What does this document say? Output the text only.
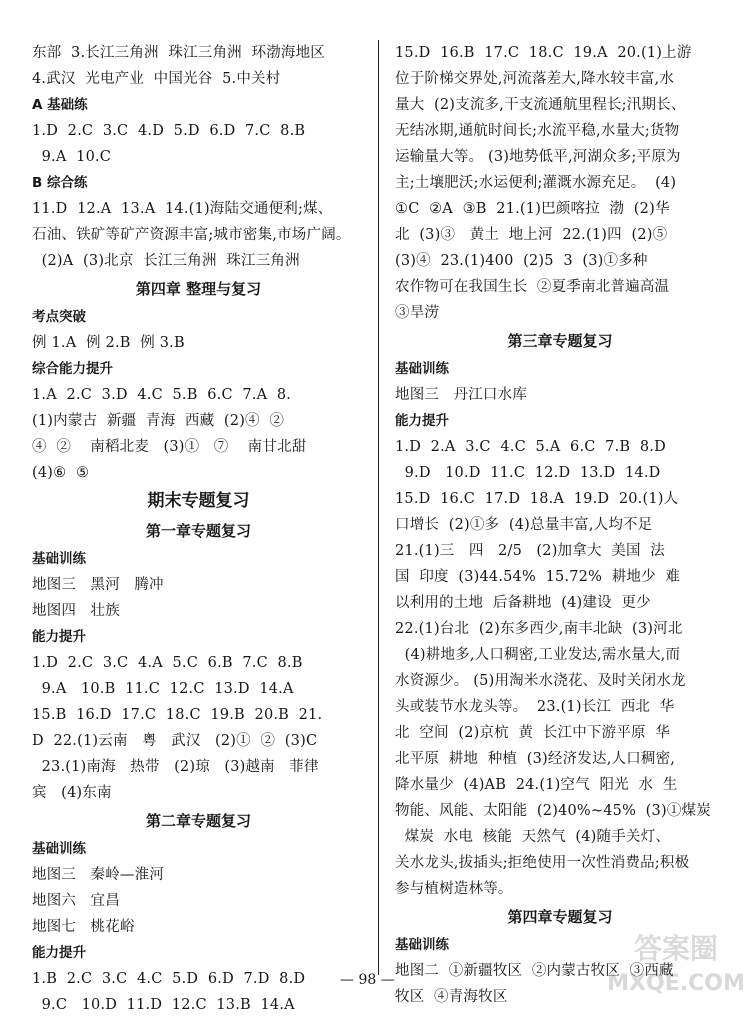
东部  3.长江三角洲  珠江三角洲  环渤海地区
4.武汉  光电产业  中国光谷  5.中关村
A 基础练
1.D  2.C  3.C  4.D  5.D  6.D  7.C  8.B
9.A  10.C
B 综合练
11.D  12.A  13.A  14.(1)海陆交通便利;煤、
石油、铁矿等矿产资源丰富;城市密集,市场广阔。
(2)A  (3)北京  长江三角洲  珠江三角洲
第四章 整理与复习
考点突破
例 1.A  例 2.B  例 3.B
综合能力提升
1.A  2.C  3.D  4.C  5.B  6.C  7.A  8.
(1)内蒙古  新疆  青海  西藏  (2)④  ②
④  ②    南稻北麦   (3)①   ⑦    南甘北甜
(4)⑥  ⑤
期末专题复习
第一章专题复习
基础训练
地图三   黑河   腾冲
地图四   壮族
能力提升
1.D  2.C  3.C  4.A  5.C  6.B  7.C  8.B
9.A   10.B  11.C  12.C  13.D  14.A
15.B  16.D  17.C  18.C  19.B  20.B  21.
D  22.(1)云南   粤   武汉   (2)①  ②  (3)C
23.(1)南海   热带   (2)琼   (3)越南   菲律
宾   (4)东南
第二章专题复习
基础训练
地图三   秦岭—淮河
地图六   宜昌
地图七   桃花峪
能力提升
1.B  2.C  3.C  4.C  5.D  6.D  7.D  8.D
9.C   10.D  11.D  12.C  13.B  14.A
15.D  16.B  17.C  18.C  19.A  20.(1)上游
位于阶梯交界处,河流落差大,降水较丰富,水
量大  (2)支流多,干支流通航里程长;汛期长、
无结冰期,通航时间长;水流平稳,水量大;货物
运输量大等。 (3)地势低平,河湖众多;平原为
主;土壤肥沃;水运便利;灌溉水源充足。  (4)
①C  ②A  ③B  21.(1)巴颜喀拉  渤  (2)华
北  (3)③   黄土  地上河  22.(1)四  (2)⑤
(3)④  23.(1)400  (2)5  3  (3)①多种
农作物可在我国生长  ②夏季南北普遍高温
③旱涝
第三章专题复习
基础训练
地图三   丹江口水库
能力提升
1.D  2.A  3.C  4.C  5.A  6.C  7.B  8.D
9.D   10.D  11.C  12.D  13.D  14.D
15.D  16.C  17.D  18.A  19.D  20.(1)人
口增长  (2)①多  (4)总量丰富,人均不足
21.(1)三   四   2/5   (2)加拿大  美国  法
国  印度  (3)44.54%  15.72%  耕地少  难
以利用的土地  后备耕地  (4)建设  更少
22.(1)台北  (2)东多西少,南丰北缺  (3)河北
(4)耕地多,人口稠密,工业发达,需水量大,而
水资源少。 (5)用淘米水浇花、及时关闭水龙
头或装节水龙头等。  23.(1)长江  西北  华
北  空间  (2)京杭  黄  长江中下游平原  华
北平原  耕地  种植  (3)经济发达,人口稠密,
降水量少  (4)AB  24.(1)空气  阳光  水  生
物能、风能、太阳能  (2)40%~45%  (3)①煤炭
煤炭  水电  核能  天然气  (4)随手关灯、
关水龙头,拔插头;拒绝使用一次性消费品;积极
参与植树造林等。
第四章专题复习
基础训练
地图二  ①新疆牧区  ②内蒙古牧区  ③西藏
牧区  ④青海牧区
— 98 —
答案圈
MXQE.COM
